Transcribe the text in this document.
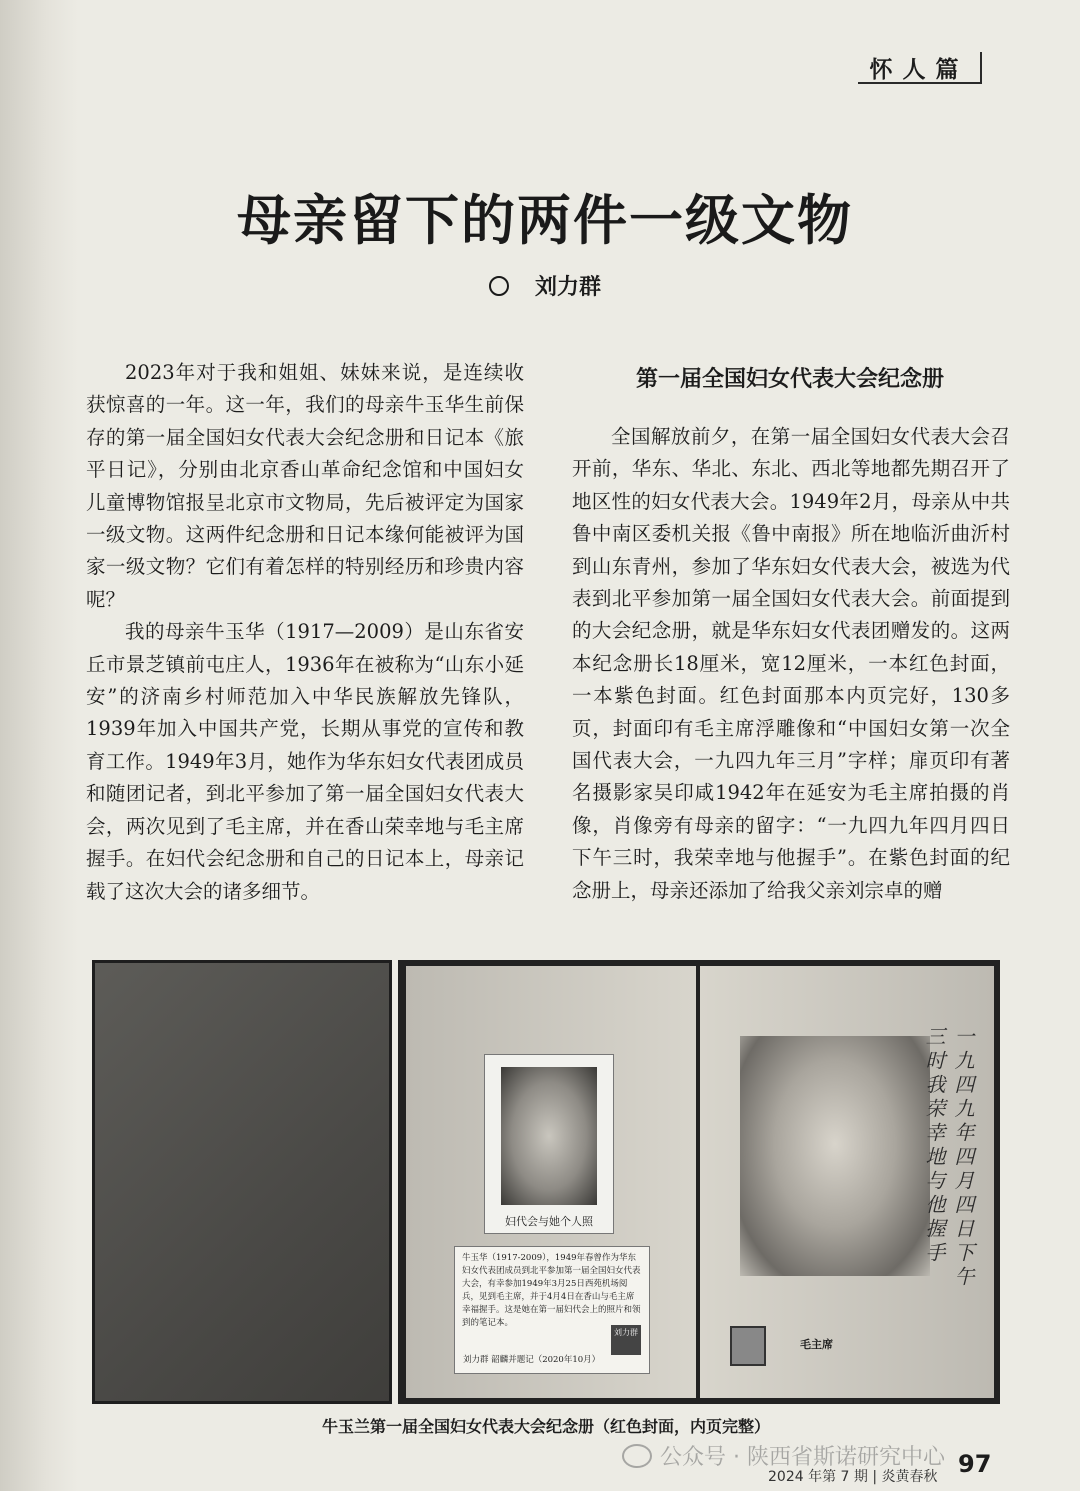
怀人篇
母亲留下的两件一级文物
刘力群

2023年对于我和姐姐、妹妹来说，是连续收获惊喜的一年。这一年，我们的母亲牛玉华生前保存的第一届全国妇女代表大会纪念册和日记本《旅平日记》，分别由北京香山革命纪念馆和中国妇女儿童博物馆报呈北京市文物局，先后被评定为国家一级文物。这两件纪念册和日记本缘何能被评为国家一级文物？它们有着怎样的特别经历和珍贵内容呢？

我的母亲牛玉华（1917—2009）是山东省安丘市景芝镇前屯庄人，1936年在被称为“山东小延安”的济南乡村师范加入中华民族解放先锋队，1939年加入中国共产党，长期从事党的宣传和教育工作。1949年3月，她作为华东妇女代表团成员和随团记者，到北平参加了第一届全国妇女代表大会，两次见到了毛主席，并在香山荣幸地与毛主席握手。在妇代会纪念册和自己的日记本上，母亲记载了这次大会的诸多细节。

第一届全国妇女代表大会纪念册

全国解放前夕，在第一届全国妇女代表大会召开前，华东、华北、东北、西北等地都先期召开了地区性的妇女代表大会。1949年2月，母亲从中共鲁中南区委机关报《鲁中南报》所在地临沂曲沂村到山东青州，参加了华东妇女代表大会，被选为代表到北平参加第一届全国妇女代表大会。前面提到的大会纪念册，就是华东妇女代表团赠发的。这两本纪念册长18厘米，宽12厘米，一本红色封面，一本紫色封面。红色封面那本内页完好，130多页，封面印有毛主席浮雕像和“中国妇女第一次全国代表大会，一九四九年三月”字样；扉页印有著名摄影家吴印咸1942年在延安为毛主席拍摄的肖像，肖像旁有母亲的留字：“一九四九年四月四日下午三时，我荣幸地与他握手”。在紫色封面的纪念册上，母亲还添加了给我父亲刘宗卓的赠

妇代会与她个人照
牛玉华（1917-2009），1949年春曾作为华东妇女代表团成员到北平参加第一届全国妇女代表大会，有幸参加1949年3月25日西苑机场阅兵，见到毛主席，并于4月4日在香山与毛主席幸福握手。这是她在第一届妇代会上的照片和领到的笔记本。
刘力群
刘力群 韶麟并题记（2020年10月）
毛主席
一九四九年四月四日下午三时我荣幸地与他握手
牛玉兰第一届全国妇女代表大会纪念册（红色封面，内页完整）
公众号 · 陕西省斯诺研究中心
2024 年第 7 期 | 炎黄春秋 97
